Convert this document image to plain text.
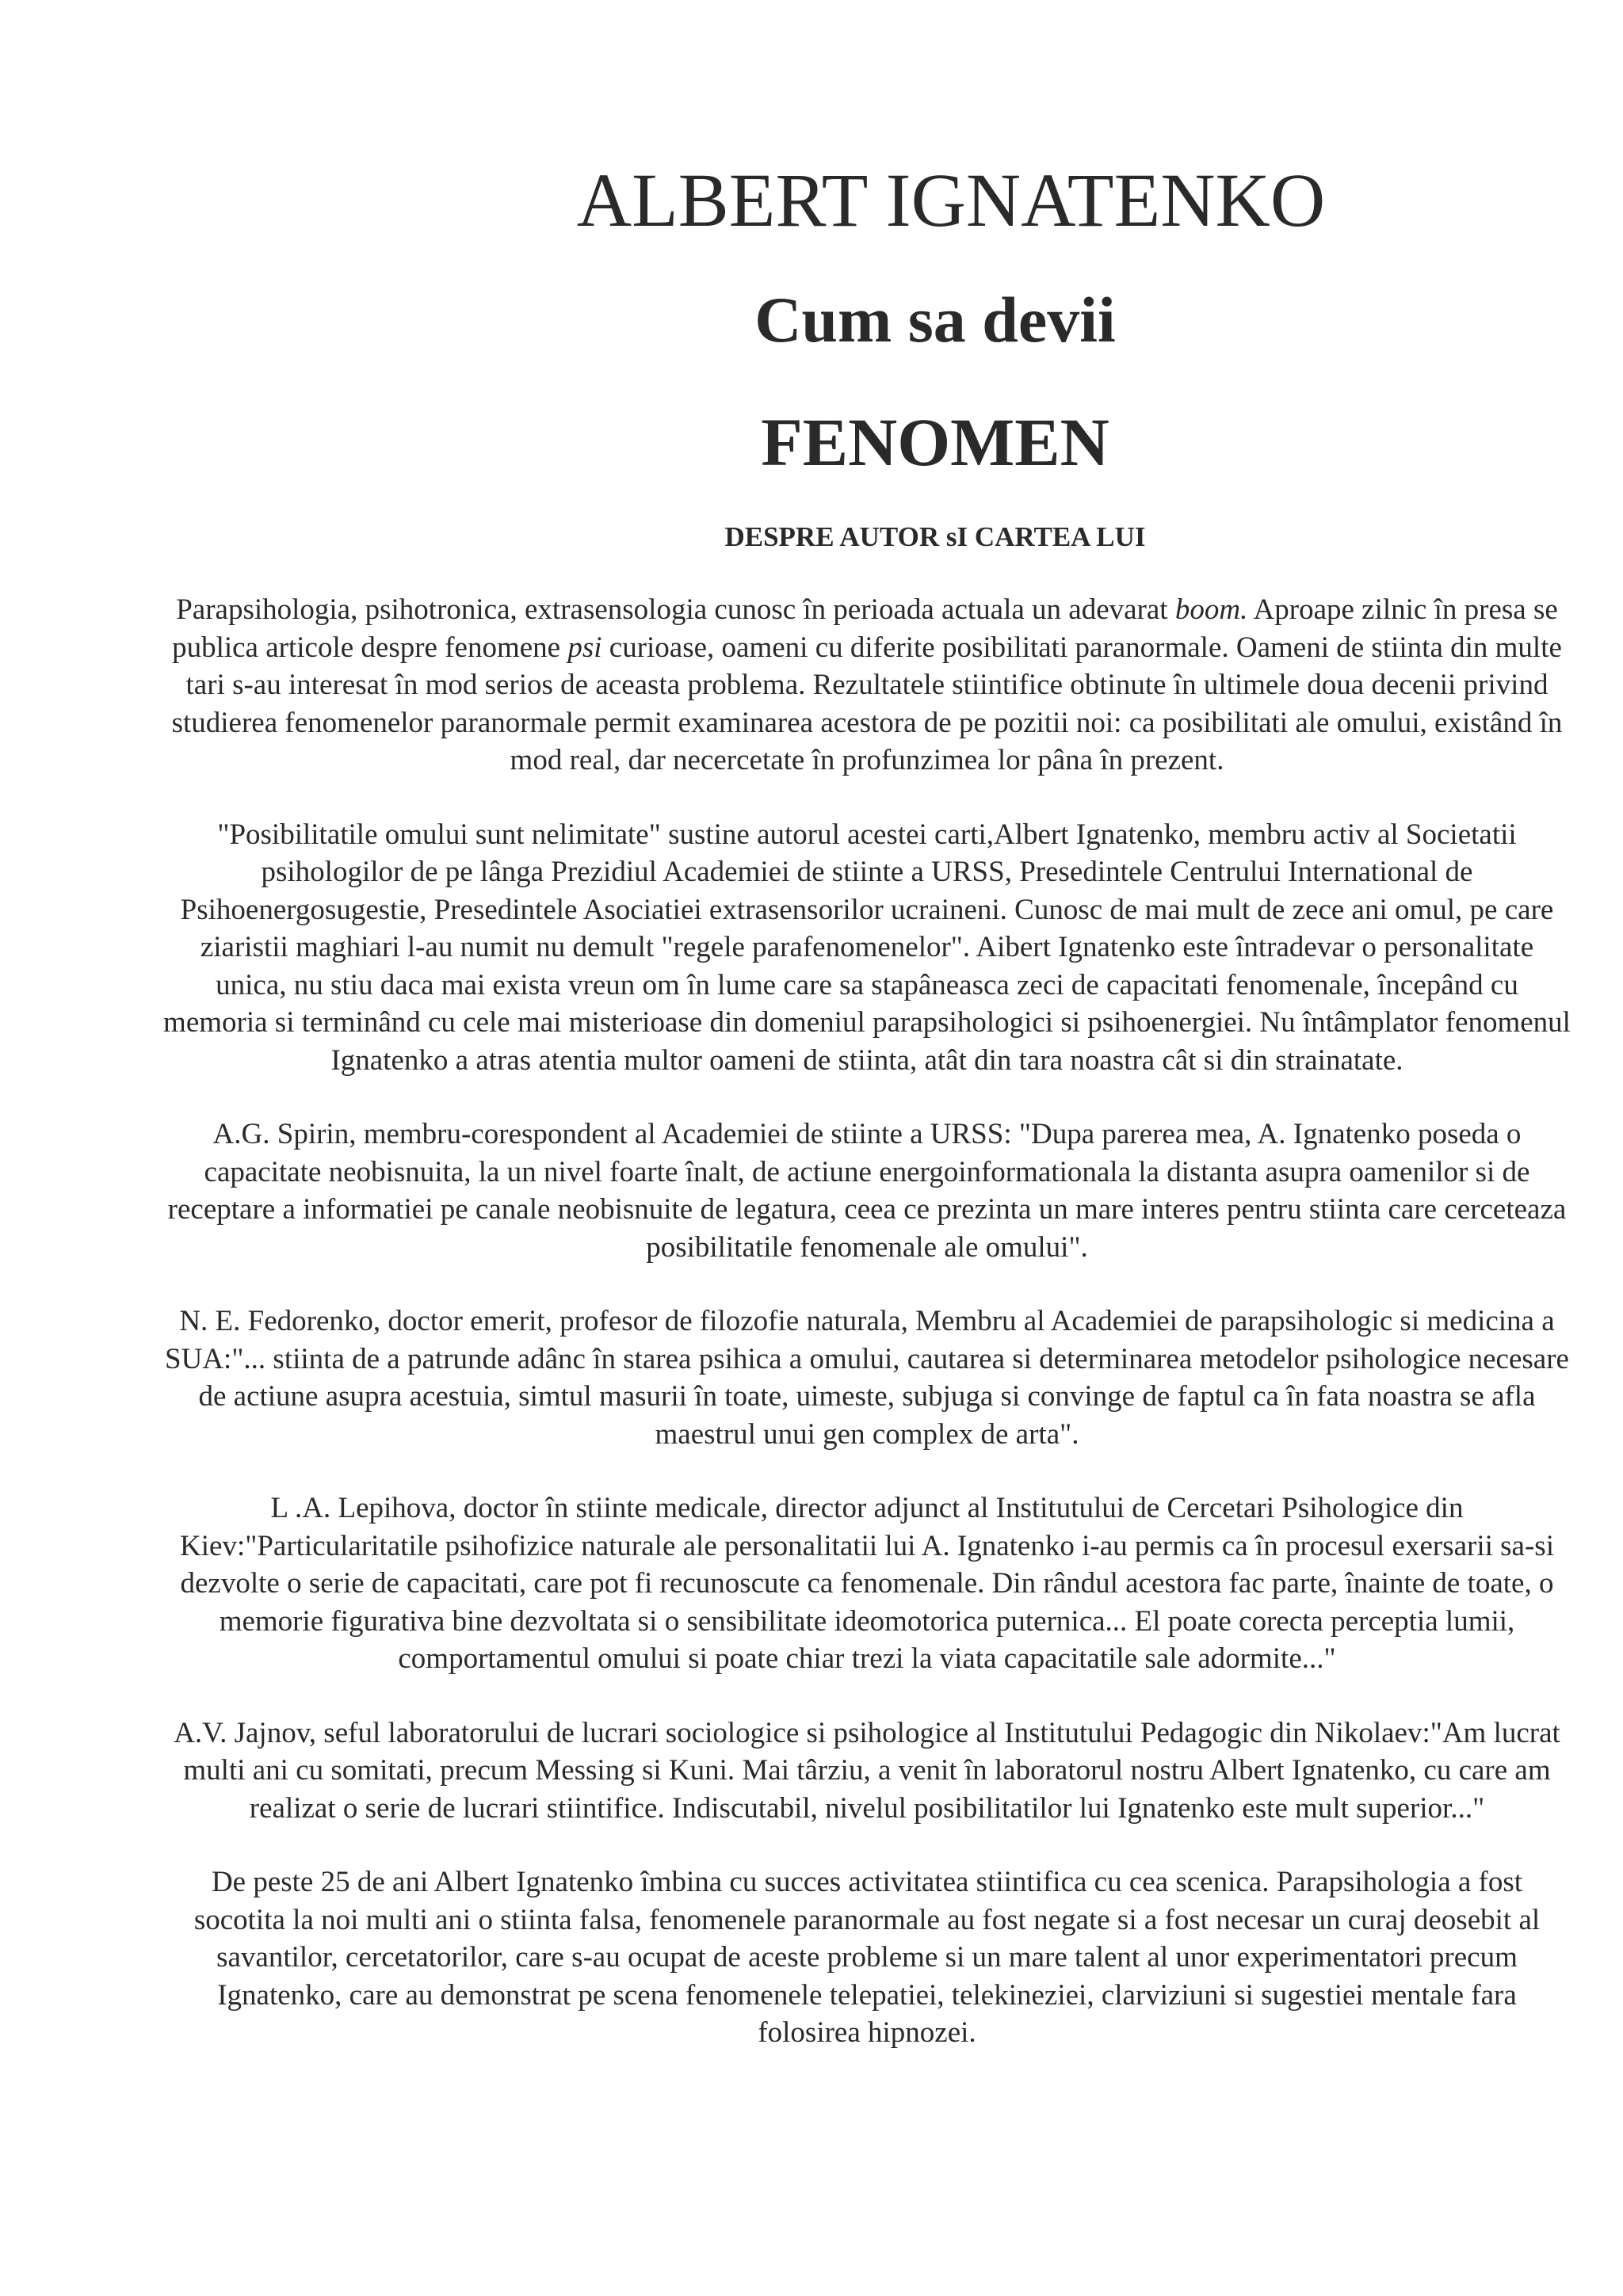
ALBERT IGNATENKO
Cum sa devii
FENOMEN
DESPRE AUTOR sI CARTEA LUI

Parapsihologia, psihotronica, extrasensologia cunosc în perioada actuala un adevarat boom. Aproape zilnic în presa se publica articole despre fenomene psi curioase, oameni cu diferite posibilitati paranormale. Oameni de stiinta din multe tari s-au interesat în mod serios de aceasta problema. Rezultatele stiintifice obtinute în ultimele doua decenii privind studierea fenomenelor paranormale permit examinarea acestora de pe pozitii noi: ca posibilitati ale omului, existând în mod real, dar necercetate în profunzimea lor pâna în prezent.

"Posibilitatile omului sunt nelimitate" sustine autorul acestei carti,Albert Ignatenko, membru activ al Societatii psihologilor de pe lânga Prezidiul Academiei de stiinte a URSS, Presedintele Centrului International de Psihoenergosugestie, Presedintele Asociatiei extrasensorilor ucraineni. Cunosc de mai mult de zece ani omul, pe care ziaristii maghiari l-au numit nu demult "regele parafenomenelor". Aibert Ignatenko este întradevar o personalitate unica, nu stiu daca mai exista vreun om în lume care sa stapâneasca zeci de capacitati fenomenale, începând cu memoria si terminând cu cele mai misterioase din domeniul parapsihologici si psihoenergiei. Nu întâmplator fenomenul Ignatenko a atras atentia multor oameni de stiinta, atât din tara noastra cât si din strainatate.

A.G. Spirin, membru-corespondent al Academiei de stiinte a URSS: "Dupa parerea mea, A. Ignatenko poseda o capacitate neobisnuita, la un nivel foarte înalt, de actiune energoinformationala la distanta asupra oamenilor si de receptare a informatiei pe canale neobisnuite de legatura, ceea ce prezinta un mare interes pentru stiinta care cerceteaza posibilitatile fenomenale ale omului".

N. E. Fedorenko, doctor emerit, profesor de filozofie naturala, Membru al Academiei de parapsihologic si medicina a SUA:"... stiinta de a patrunde adânc în starea psihica a omului, cautarea si determinarea metodelor psihologice necesare de actiune asupra acestuia, simtul masurii în toate, uimeste, subjuga si convinge de faptul ca în fata noastra se afla maestrul unui gen complex de arta".

L .A. Lepihova, doctor în stiinte medicale, director adjunct al Institutului de Cercetari Psihologice din Kiev:"Particularitatile psihofizice naturale ale personalitatii lui A. Ignatenko i-au permis ca în procesul exersarii sa-si dezvolte o serie de capacitati, care pot fi recunoscute ca fenomenale. Din rândul acestora fac parte, înainte de toate, o memorie figurativa bine dezvoltata si o sensibilitate ideomotorica puternica... El poate corecta perceptia lumii, comportamentul omului si poate chiar trezi la viata capacitatile sale adormite..."

A.V. Jajnov, seful laboratorului de lucrari sociologice si psihologice al Institutului Pedagogic din Nikolaev:"Am lucrat multi ani cu somitati, precum Messing si Kuni. Mai târziu, a venit în laboratorul nostru Albert Ignatenko, cu care am realizat o serie de lucrari stiintifice. Indiscutabil, nivelul posibilitatilor lui Ignatenko este mult superior..."

De peste 25 de ani Albert Ignatenko îmbina cu succes activitatea stiintifica cu cea scenica. Parapsihologia a fost socotita la noi multi ani o stiinta falsa, fenomenele paranormale au fost negate si a fost necesar un curaj deosebit al savantilor, cercetatorilor, care s-au ocupat de aceste probleme si un mare talent al unor experimentatori precum Ignatenko, care au demonstrat pe scena fenomenele telepatiei, telekineziei, clarviziuni si sugestiei mentale fara folosirea hipnozei.
